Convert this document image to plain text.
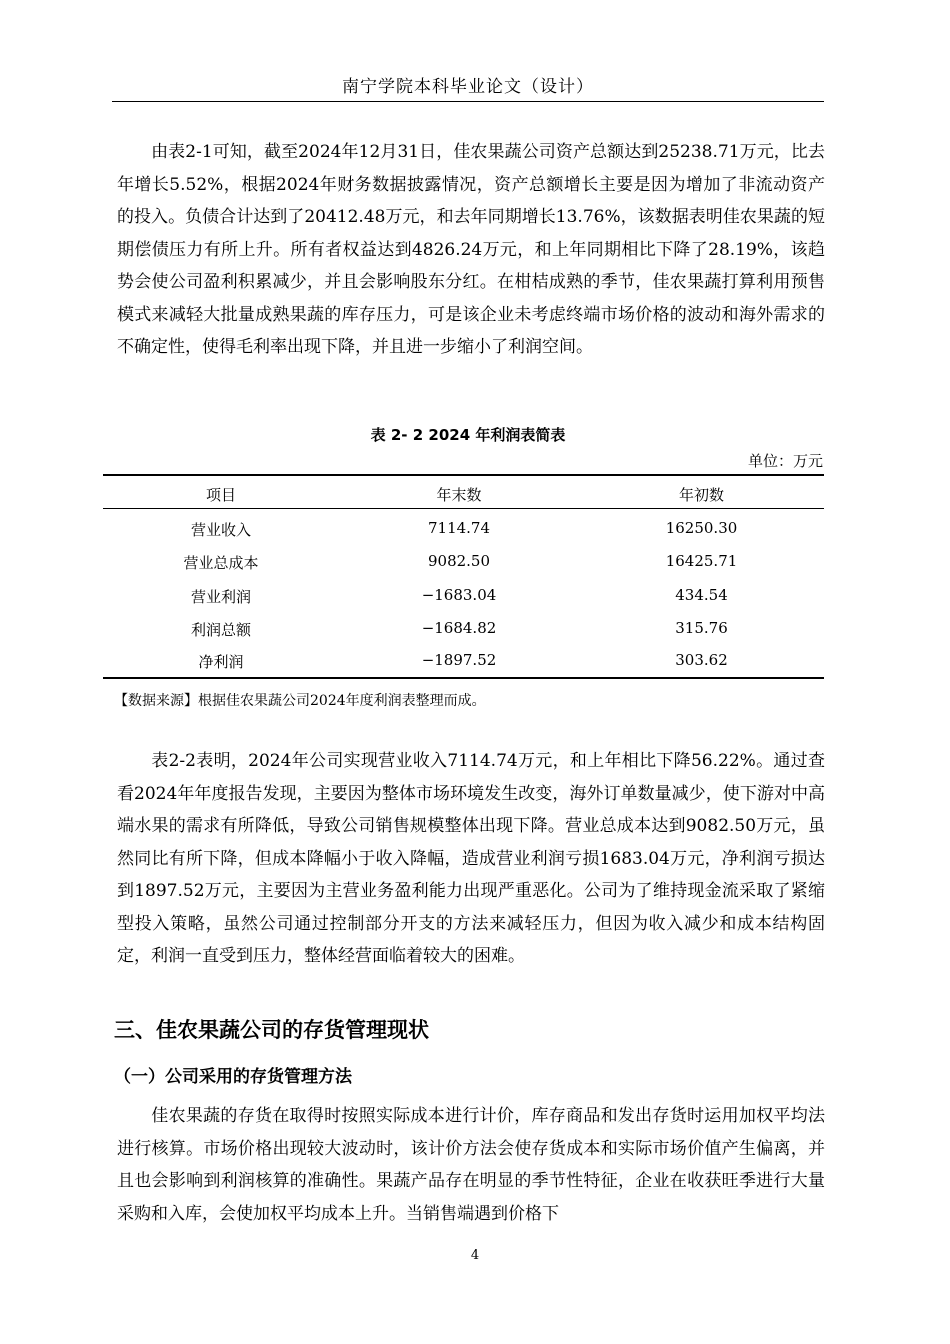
南宁学院本科毕业论文（设计）

由表2-1可知，截至2024年12月31日，佳农果蔬公司资产总额达到25238.71万元，比去年增长5.52%，根据2024年财务数据披露情况，资产总额增长主要是因为增加了非流动资产的投入。负债合计达到了20412.48万元，和去年同期增长13.76%，该数据表明佳农果蔬的短期偿债压力有所上升。所有者权益达到4826.24万元，和上年同期相比下降了28.19%，该趋势会使公司盈利积累减少，并且会影响股东分红。在柑桔成熟的季节，佳农果蔬打算利用预售模式来减轻大批量成熟果蔬的库存压力，可是该企业未考虑终端市场价格的波动和海外需求的不确定性，使得毛利率出现下降，并且进一步缩小了利润空间。

表 2- 2 2024 年利润表简表
单位：万元
项目	年末数	年初数
营业收入	7114.74	16250.30
营业总成本	9082.50	16425.71
营业利润	−1683.04	434.54
利润总额	−1684.82	315.76
净利润	−1897.52	303.62
【数据来源】根据佳农果蔬公司2024年度利润表整理而成。

表2-2表明，2024年公司实现营业收入7114.74万元，和上年相比下降56.22%。通过查看2024年年度报告发现，主要因为整体市场环境发生改变，海外订单数量减少，使下游对中高端水果的需求有所降低，导致公司销售规模整体出现下降。营业总成本达到9082.50万元，虽然同比有所下降，但成本降幅小于收入降幅，造成营业利润亏损1683.04万元，净利润亏损达到1897.52万元，主要因为主营业务盈利能力出现严重恶化。公司为了维持现金流采取了紧缩型投入策略，虽然公司通过控制部分开支的方法来减轻压力，但因为收入减少和成本结构固定，利润一直受到压力，整体经营面临着较大的困难。

三、佳农果蔬公司的存货管理现状
（一）公司采用的存货管理方法

佳农果蔬的存货在取得时按照实际成本进行计价，库存商品和发出存货时运用加权平均法进行核算。市场价格出现较大波动时，该计价方法会使存货成本和实际市场价值产生偏离，并且也会影响到利润核算的准确性。果蔬产品存在明显的季节性特征，企业在收获旺季进行大量采购和入库，会使加权平均成本上升。当销售端遇到价格下

4
